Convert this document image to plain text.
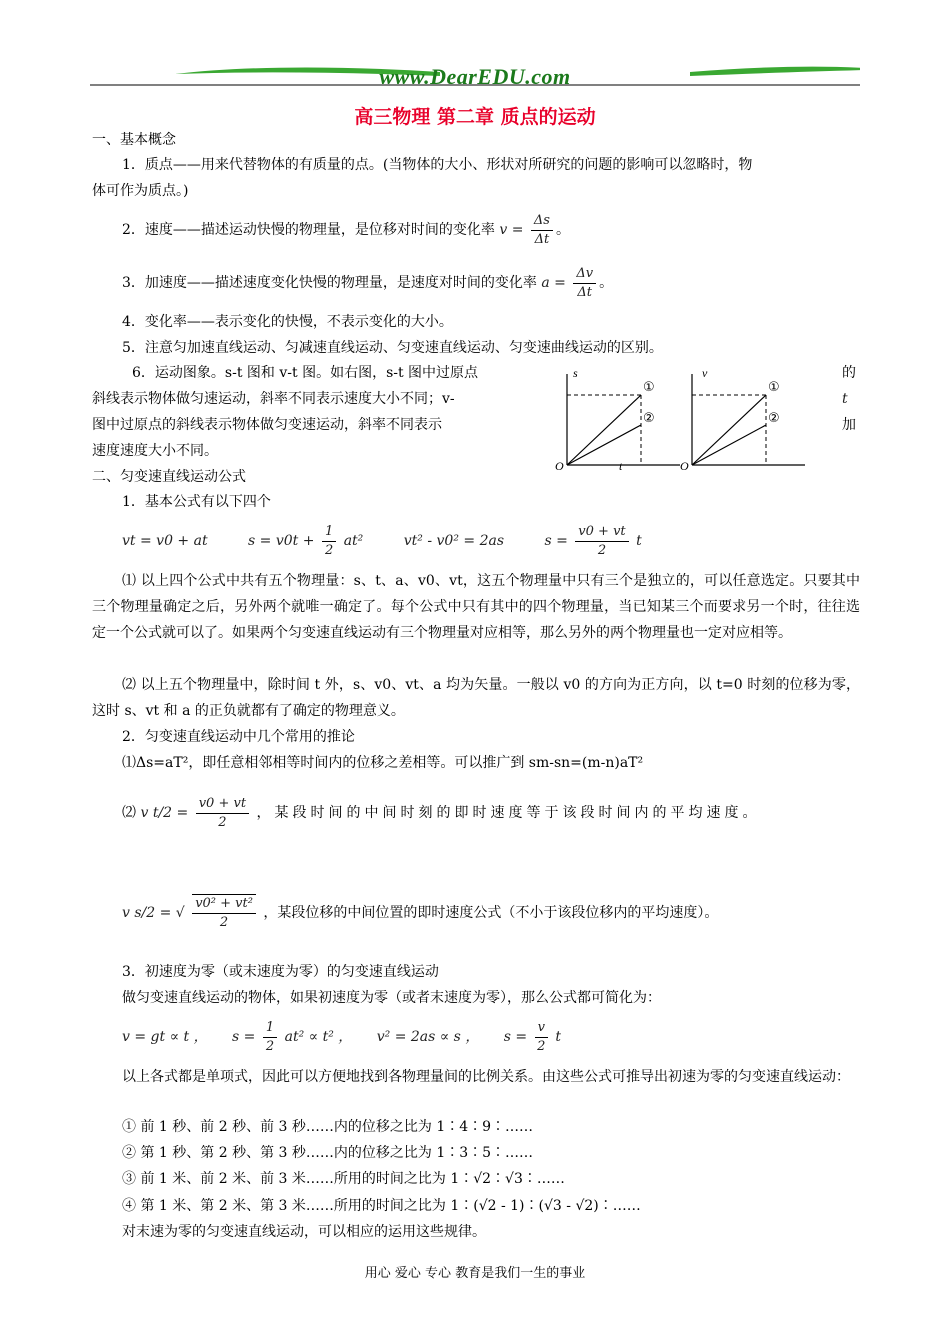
www.DearEDU.com
高三物理 第二章 质点的运动
一、基本概念
1．质点——用来代替物体的有质量的点。(当物体的大小、形状对所研究的问题的影响可以忽略时，物
体可作为质点。)
2．速度——描述运动快慢的物理量，是位移对时间的变化率 $v = \frac{\Delta s}{\Delta t}$ 。
3．加速度——描述速度变化快慢的物理量，是速度对时间的变化率 $a = \frac{\Delta v}{\Delta t}$ 。
4．变化率——表示变化的快慢，不表示变化的大小。
5．注意匀加速直线运动、匀减速直线运动、匀变速直线运动、匀变速曲线运动的区别。
6．运动图象。s-t 图和 v-t 图。如右图，s-t 图中过原点
斜线表示物体做匀速运动，斜率不同表示速度大小不同；v-
图中过原点的斜线表示物体做匀变速运动，斜率不同表示
速度速度大小不同。
的
t
加
s
①
②
O	t
v
①
②
O
二、匀变速直线运动公式
1．基本公式有以下四个
vt = v0 + at	$s = v0t + \frac{1}{2} at^2$	vt² - v0² = 2as	$s = \frac{v0 + vt}{2}$ t
⑴ 以上四个公式中共有五个物理量：s、t、a、v0、vt，这五个物理量中只有三个是独立的，可以任意选定。只要其中三个物理量确定之后，另外两个就唯一确定了。每个公式中只有其中的四个物理量，当已知某三个而要求另一个时，往往选定一个公式就可以了。如果两个匀变速直线运动有三个物理量对应相等，那么另外的两个物理量也一定对应相等。
⑵ 以上五个物理量中，除时间 t 外，s、v0、vt、a 均为矢量。一般以 v0 的方向为正方向，以 t=0 时刻的位移为零，这时 s、vt 和 a 的正负就都有了确定的物理意义。
2．匀变速直线运动中几个常用的推论
⑴Δs=aT²，即任意相邻相等时间内的位移之差相等。可以推广到 sm-sn=(m-n)aT²
⑵ v $t/2 = \frac{v0 + vt}{2}$ ，某段时间的中间时刻的即时速度等于该段时间内的平均速度。
v s/2 = √ $\frac{\text{v0² + vt²}}{2}$ ，某段位移的中间位置的即时速度公式（不小于该段位移内的平均速度）。
3．初速度为零（或末速度为零）的匀变速直线运动
做匀变速直线运动的物体，如果初速度为零（或者末速度为零），那么公式都可简化为：
v = gt ∝ t ， $s = \frac{1}{2} at^2 \propto t^2$ ， v² = 2as ∝ s ， $s = \frac{v}{2}$ t
以上各式都是单项式，因此可以方便地找到各物理量间的比例关系。由这些公式可推导出初速为零的匀变速直线运动：
① 前 1 秒、前 2 秒、前 3 秒……内的位移之比为 1∶4∶9∶……
② 第 1 秒、第 2 秒、第 3 秒……内的位移之比为 1∶3∶5∶……
③ 前 1 米、前 2 米、前 3 米……所用的时间之比为 1∶√2∶√3∶……
④ 第 1 米、第 2 米、第 3 米……所用的时间之比为 1∶(√2 - 1)∶(√3 - √2)∶……
对末速为零的匀变速直线运动，可以相应的运用这些规律。
用心 爱心 专心 教育是我们一生的事业
